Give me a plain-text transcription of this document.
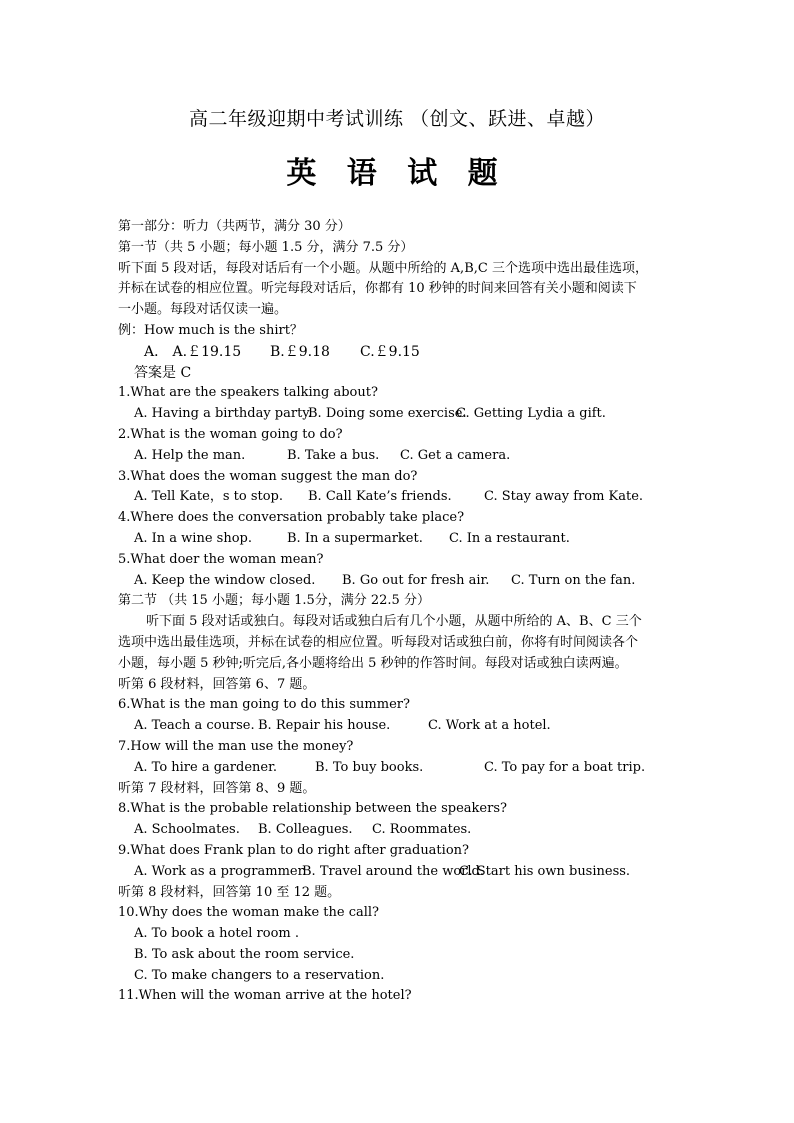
高二年级迎期中考试训练 （创文、跃进、卓越）
英 语 试 题

第一部分：听力（共两节，满分 30 分）

第一节（共 5 小题；每小题 1.5 分，满分 7.5 分）

听下面 5 段对话，每段对话后有一个小题。从题中所给的 A,B,C 三个选项中选出最佳选项，

并标在试卷的相应位置。听完每段对话后，你都有 10 秒钟的时间来回答有关小题和阅读下

一小题。每段对话仅读一遍。

例：How much is the shirt？

A． A.￡19.15	B.￡9.18	C.￡9.15

答案是 C

1.What are the speakers talking about?

A. Having a birthday party.
B. Doing some exercise.
C. Getting Lydia a gift.

2.What is the woman going to do?

A. Help the man.	B. Take a bus.	C. Get a camera.

3.What does the woman suggest the man do?

A. Tell Kate，s to stop.	B. Call Kate’s friends.	C. Stay away from Kate.

4.Where does the conversation probably take place?

A. In a wine shop.	B. In a supermarket.	C. In a restaurant.

5.What doer the woman mean?

A. Keep the window closed.	B. Go out for fresh air.	C. Turn on the fan.

第二节 （共 15 小题；每小题 1.5分，满分 22.5 分）

听下面 5 段对话或独白。每段对话或独白后有几个小题，从题中所给的 A、B、C 三个

选项中选出最佳选项，并标在试卷的相应位置。听每段对话或独白前，你将有时间阅读各个

小题，每小题 5 秒钟;听完后,各小题将给出 5 秒钟的作答时间。每段对话或独白读两遍。

听第 6 段材料，回答第 6、7 题。

6.What is the man going to do this summer?

A. Teach a course. B. Repair his house.	C. Work at a hotel.

7.How will the man use the money?

A. To hire a gardener.	B. To buy books.	C. To pay for a boat trip.

听第 7 段材料，回答第 8、9 题。

8.What is the probable relationship between the speakers?

A. Schoolmates.	B. Colleagues.	C. Roommates.

9.What does Frank plan to do right after graduation?

A. Work as a programmer.
B. Travel around the world.
C. Start his own business.

听第 8 段材料，回答第 10 至 12 题。

10.Why does the woman make the call?

A. To book a hotel room .

B. To ask about the room service.

C. To make changers to a reservation.

11.When will the woman arrive at the hotel?
